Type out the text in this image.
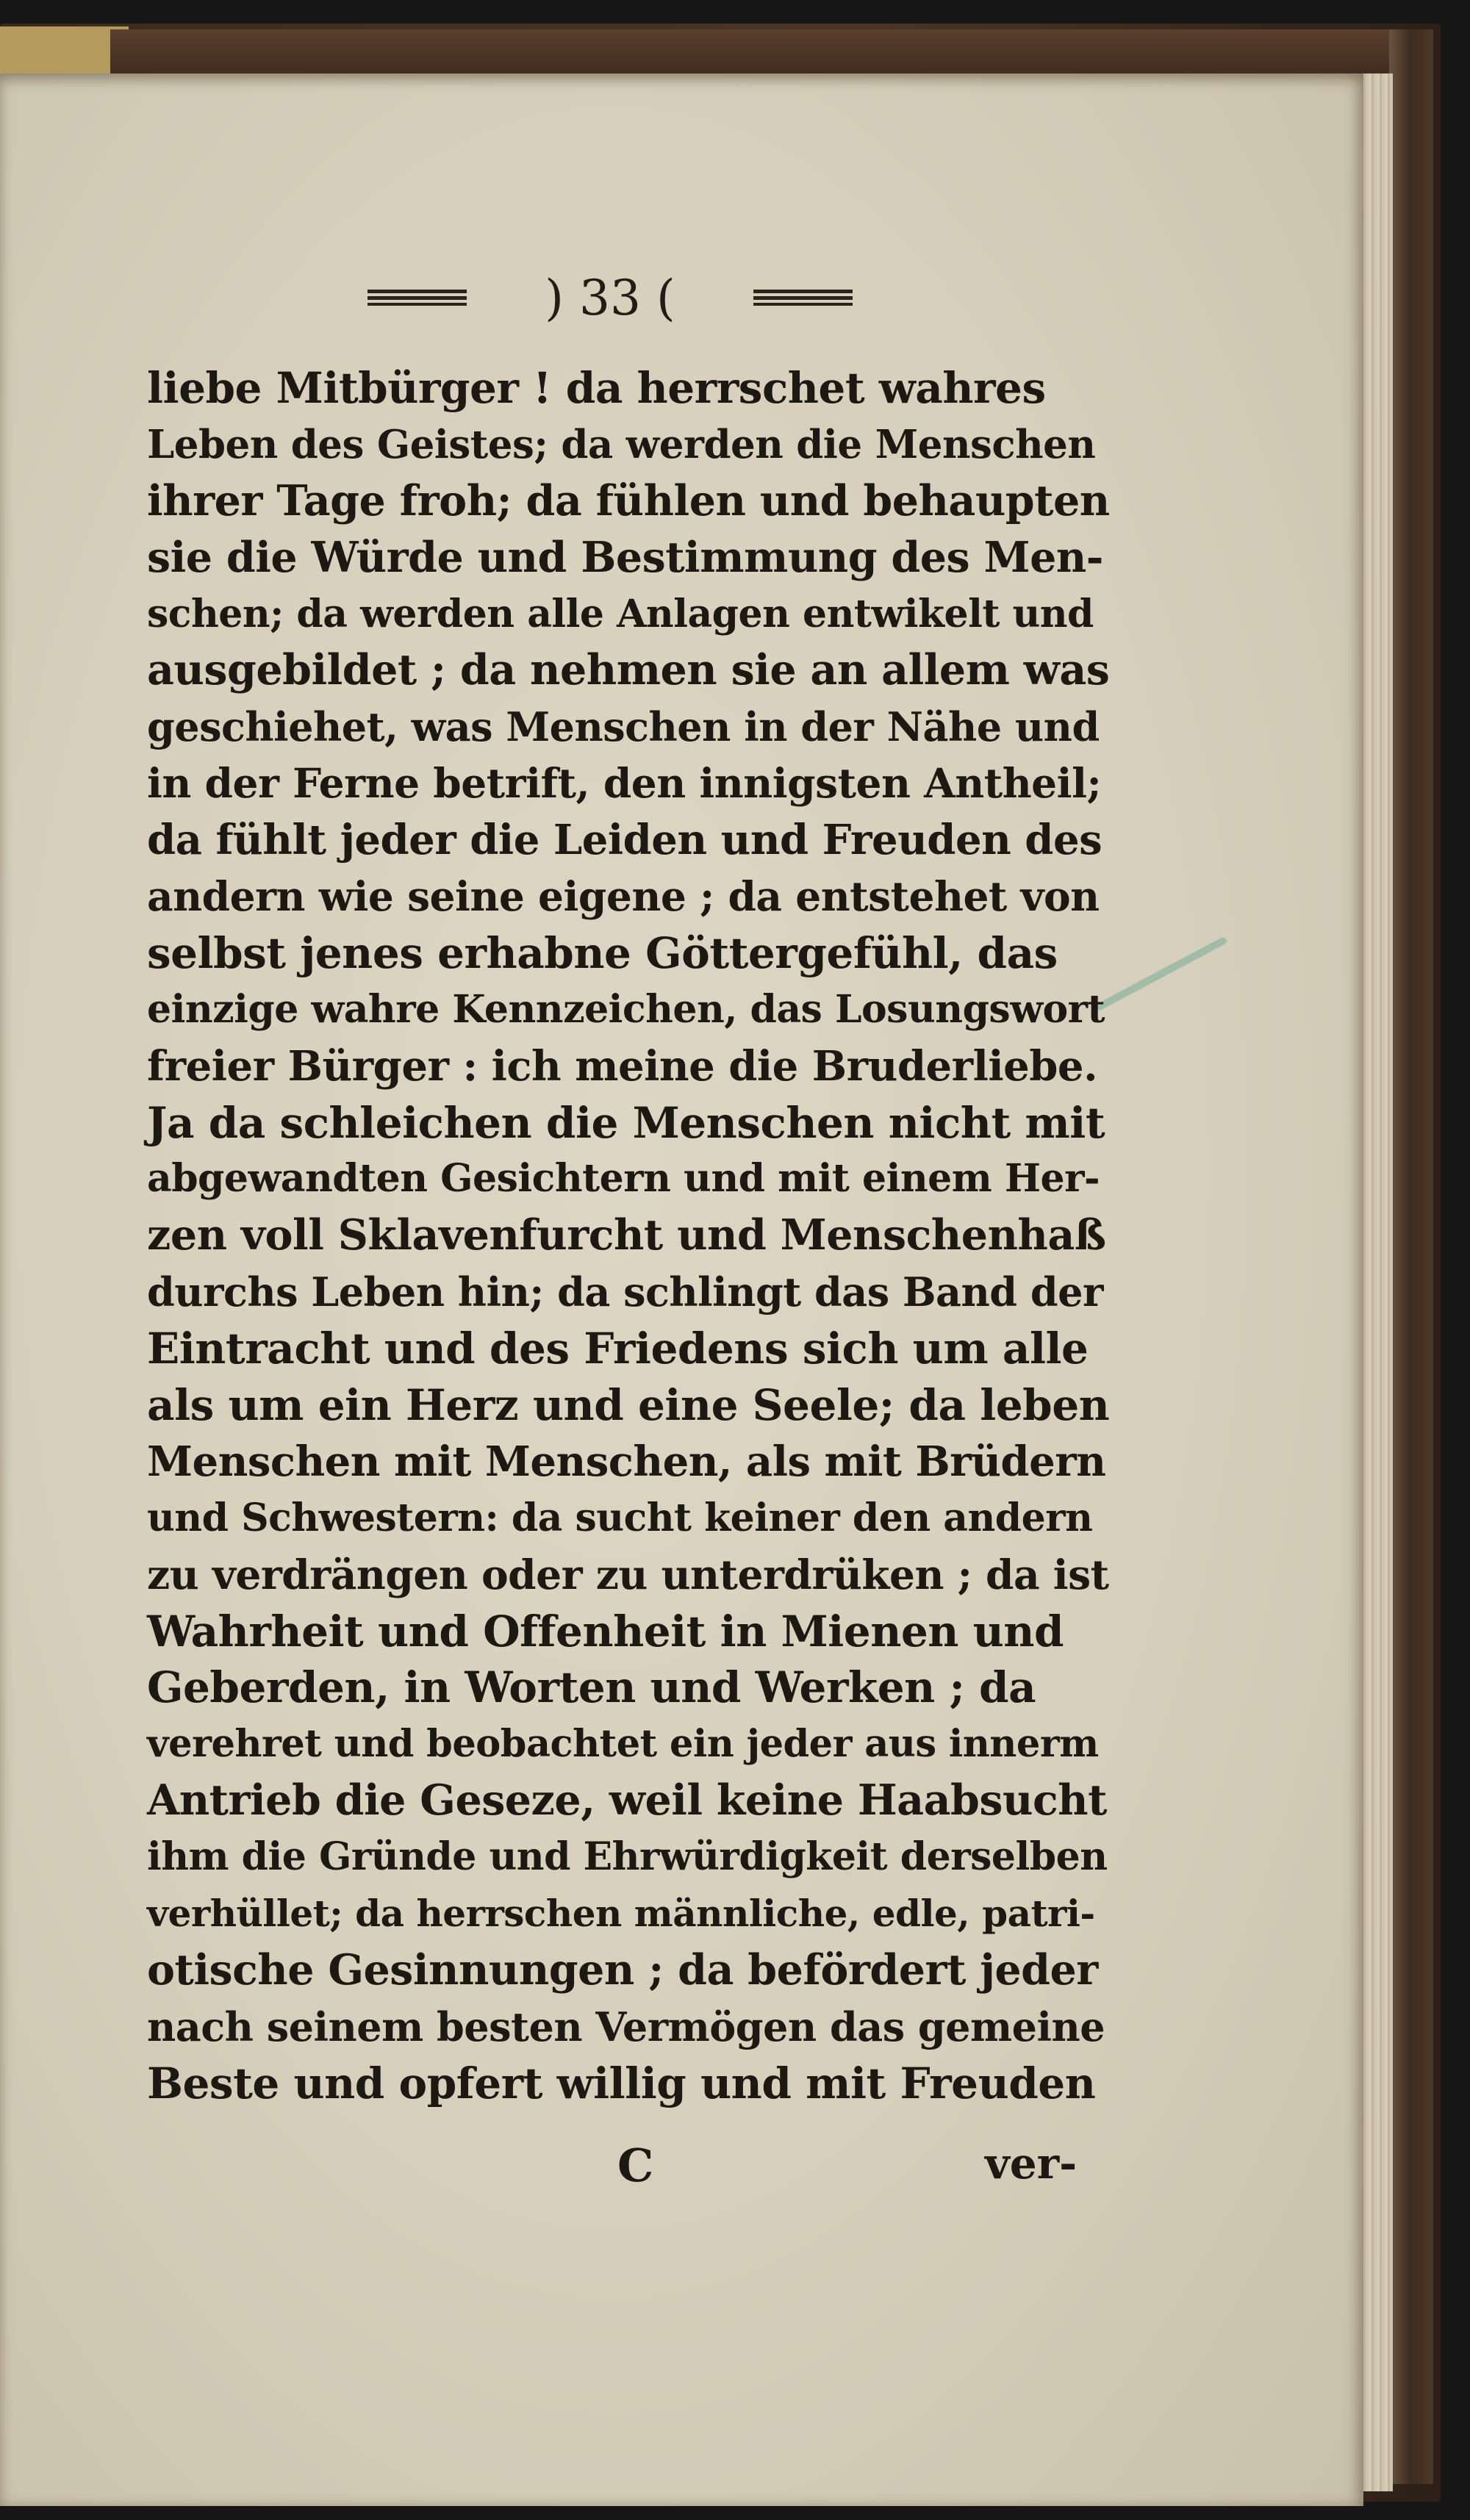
) 33 (
liebe Mitbürger ! da herrschet wahres
Leben des Geistes; da werden die Menschen
ihrer Tage froh; da fühlen und behaupten
sie die Würde und Bestimmung des Men-
schen; da werden alle Anlagen entwikelt und
ausgebildet ; da nehmen sie an allem was
geschiehet, was Menschen in der Nähe und
in der Ferne betrift, den innigsten Antheil;
da fühlt jeder die Leiden und Freuden des
andern wie seine eigene ; da entstehet von
selbst jenes erhabne Göttergefühl, das
einzige wahre Kennzeichen, das Losungswort
freier Bürger : ich meine die Bruderliebe.
Ja da schleichen die Menschen nicht mit
abgewandten Gesichtern und mit einem Her-
zen voll Sklavenfurcht und Menschenhaß
durchs Leben hin; da schlingt das Band der
Eintracht und des Friedens sich um alle
als um ein Herz und eine Seele; da leben
Menschen mit Menschen, als mit Brüdern
und Schwestern: da sucht keiner den andern
zu verdrängen oder zu unterdrüken ; da ist
Wahrheit und Offenheit in Mienen und
Geberden, in Worten und Werken ; da
verehret und beobachtet ein jeder aus innerm
Antrieb die Geseze, weil keine Haabsucht
ihm die Gründe und Ehrwürdigkeit derselben
verhüllet; da herrschen männliche, edle, patri-
otische Gesinnungen ; da befördert jeder
nach seinem besten Vermögen das gemeine
Beste und opfert willig und mit Freuden
C	ver-
